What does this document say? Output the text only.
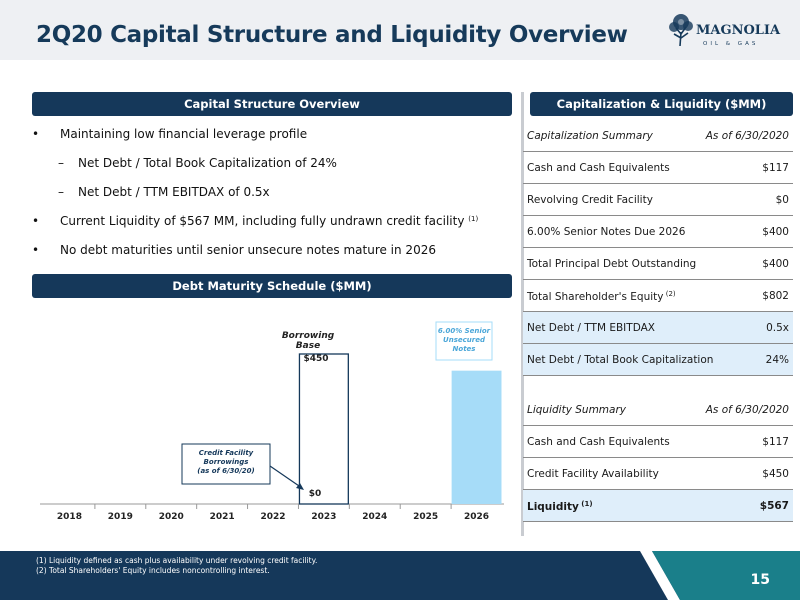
2Q20 Capital Structure and Liquidity Overview	MAGNOLIA
OIL & GAS
Capital Structure Overview
• Maintaining low financial leverage profile
– Net Debt / Total Book Capitalization of 24%
– Net Debt / TTM EBITDAX of 0.5x
• Current Liquidity of $567 MM, including fully undrawn credit facility $^{(1)}$
• No debt maturities until senior unsecure notes mature in 2026
Debt Maturity Schedule ($MM)
2018	2019	2020	2021	2022	2023	2024	2025	2026
Borrowing Base
$450
$0
6.00% Senior Unsecured Notes
Credit Facility Borrowings (as of 6/30/20)
Capitalization & Liquidity ($MM)
Capitalization Summary	As of 6/30/2020
Cash and Cash Equivalents	$117
Revolving Credit Facility	$0
6.00% Senior Notes Due 2026	$400
Total Principal Debt Outstanding	$400
Total Shareholder's Equity $^{(2)}$	$802
Net Debt / TTM EBITDAX	0.5x
Net Debt / Total Book Capitalization	24%
Liquidity Summary	As of 6/30/2020
Cash and Cash Equivalents	$117
Credit Facility Availability	$450
Liquidity $^{(1)}$	$567
(1) Liquidity defined as cash plus availability under revolving credit facility.
(2) Total Shareholders' Equity includes noncontrolling interest.
15
